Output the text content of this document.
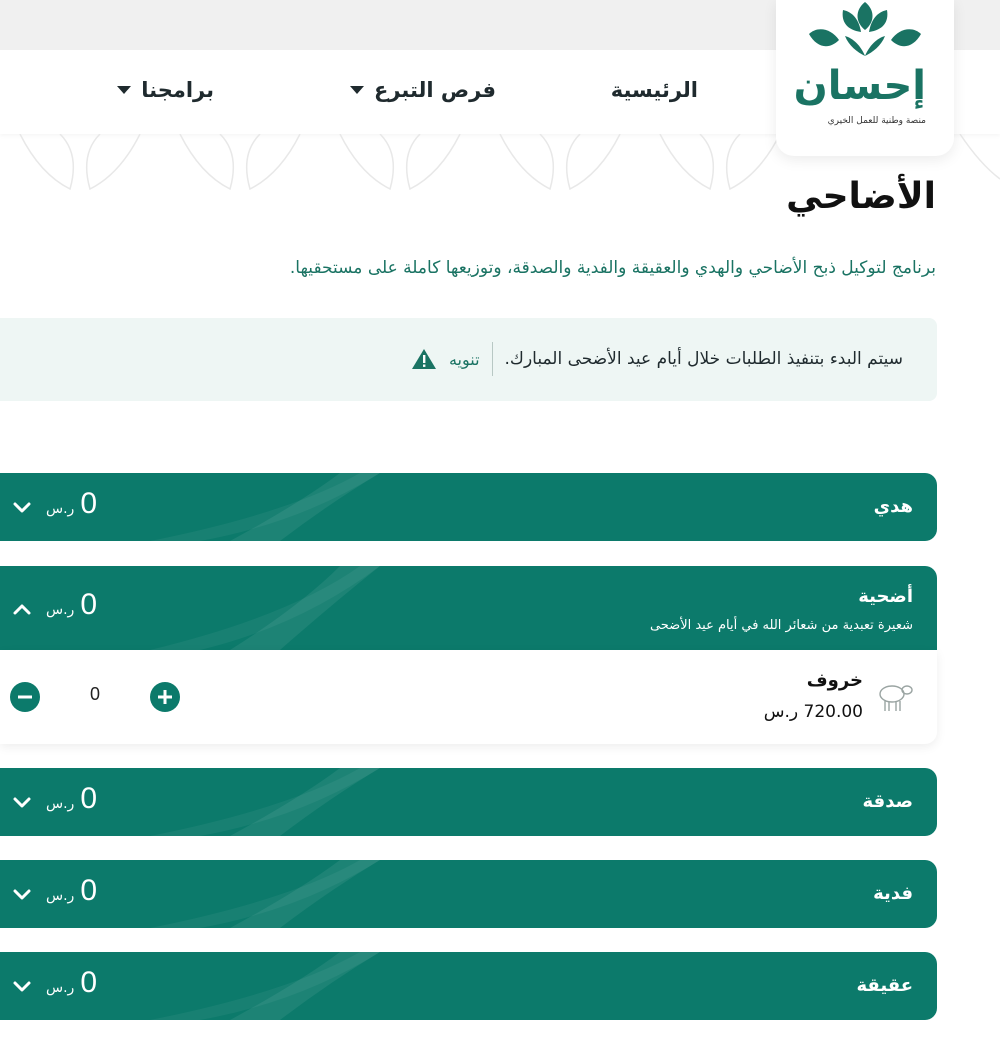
إحسان
منصة وطنية للعمل الخيري
الرئيسية
فرص التبرع
برامجنا
الأضاحي

برنامج لتوكيل ذبح الأضاحي والهدي والعقيقة والفدية والصدقة، وتوزيعها كاملة على مستحقيها.

تنويه سيتم البدء بتنفيذ الطلبات خلال أيام عيد الأضحى المبارك.
هدي
ر.س 0
أضحية
شعيرة تعبدية من شعائر الله في أيام عيد الأضحى
ر.س 0
خروف
720.00 ر.س
0
صدقة
ر.س 0
فدية
ر.س 0
عقيقة
ر.س 0
